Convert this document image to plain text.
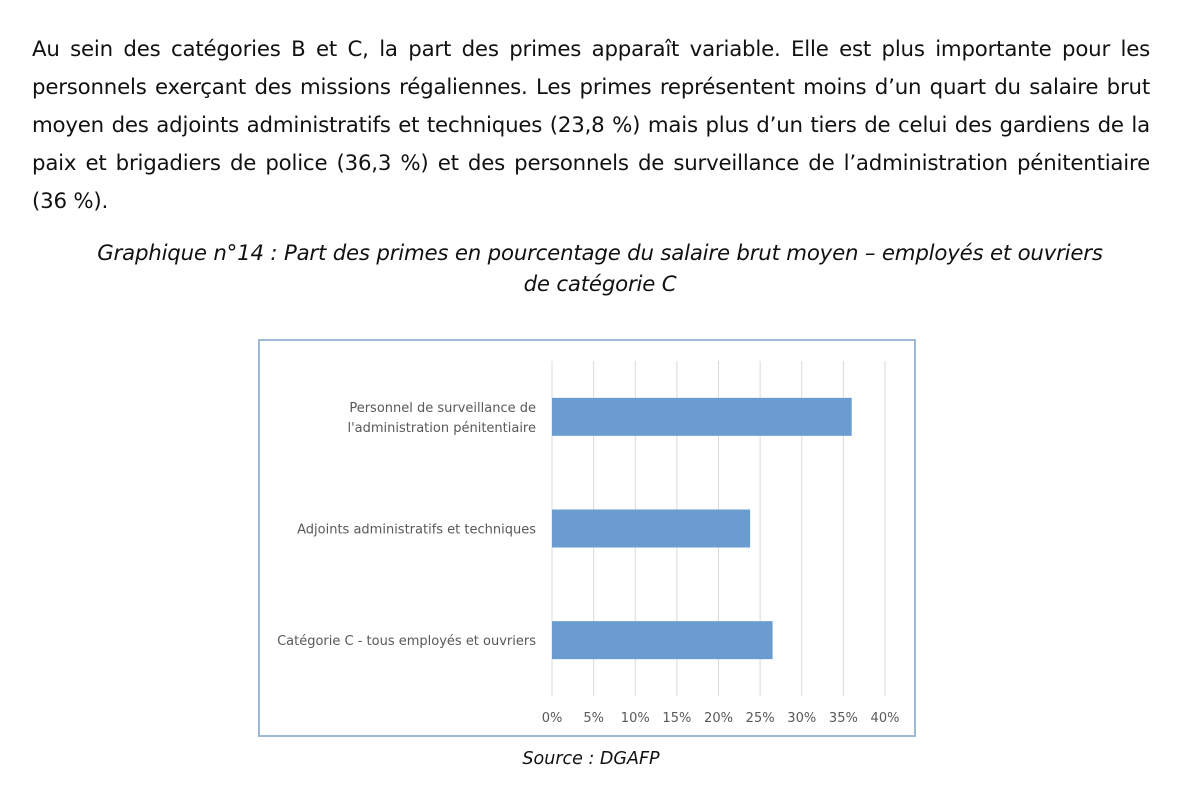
Au sein des catégories B et C, la part des primes apparaît variable. Elle est plus importante pour les personnels exerçant des missions régaliennes. Les primes représentent moins d’un quart du salaire brut moyen des adjoints administratifs et techniques (23,8 %) mais plus d’un tiers de celui des gardiens de la paix et brigadiers de police (36,3 %) et des personnels de surveillance de l’administration pénitentiaire (36 %).
Graphique n°14 : Part des primes en pourcentage du salaire brut moyen – employés et ouvriers
de catégorie C
0% 5% 10% 15% 20% 25% 30% 35% 40%
Personnel de surveillance de
l'administration pénitentiaire
Adjoints administratifs et techniques
Catégorie C - tous employés et ouvriers
Source : DGAFP
